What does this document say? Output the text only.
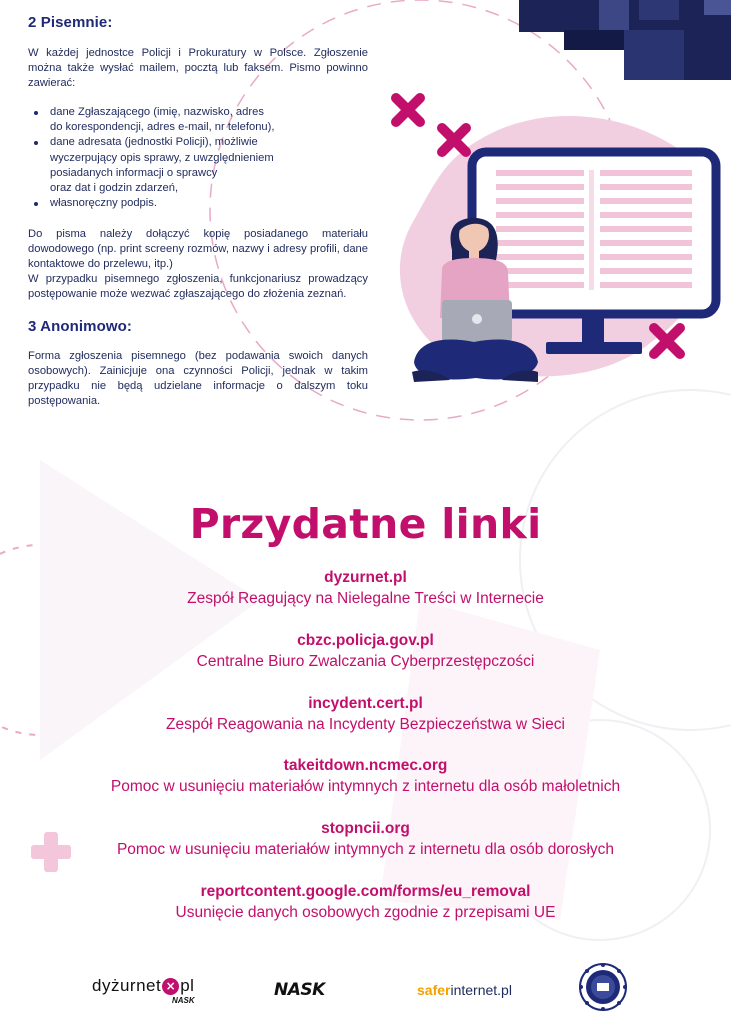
2 Pisemnie:

W każdej jednostce Policji i Prokuratury w Polsce. Zgłoszenie można także wysłać mailem, pocztą lub faksem. Pismo powinno zawierać:

dane Zgłaszającego (imię, nazwisko, adres
do korespondencji, adres e-mail, nr telefonu),
dane adresata (jednostki Policji), możliwie
wyczerpujący opis sprawy, z uwzględnieniem
posiadanych informacji o sprawcy
oraz dat i godzin zdarzeń,
własnoręczny podpis.

Do pisma należy dołączyć kopię posiadanego materiału dowodowego (np. print screeny rozmów, nazwy i adresy profili, dane kontaktowe do przelewu, itp.)

W przypadku pisemnego zgłoszenia, funkcjonariusz prowadzący postępowanie może wezwać zgłaszającego do złożenia zeznań.

3 Anonimowo:

Forma zgłoszenia pisemnego (bez podawania swoich danych osobowych). Zainicjuje ona czynności Policji, jednak w takim przypadku nie będą udzielane informacje o dalszym toku postępowania.

Przydatne linki
dyzurnet.pl
Zespół Reagujący na Nielegalne Treści w Internecie
cbzc.policja.gov.pl
Centralne Biuro Zwalczania Cyberprzestępczości
incydent.cert.pl
Zespół Reagowania na Incydenty Bezpieczeństwa w Sieci
takeitdown.ncmec.org
Pomoc w usunięciu materiałów intymnych z internetu dla osób małoletnich
stopncii.org
Pomoc w usunięciu materiałów intymnych z internetu dla osób dorosłych
reportcontent.google.com/forms/eu_removal
Usunięcie danych osobowych zgodnie z przepisami UE
dyżurnet × pl
NASK
NASK	saferinternet.pl
